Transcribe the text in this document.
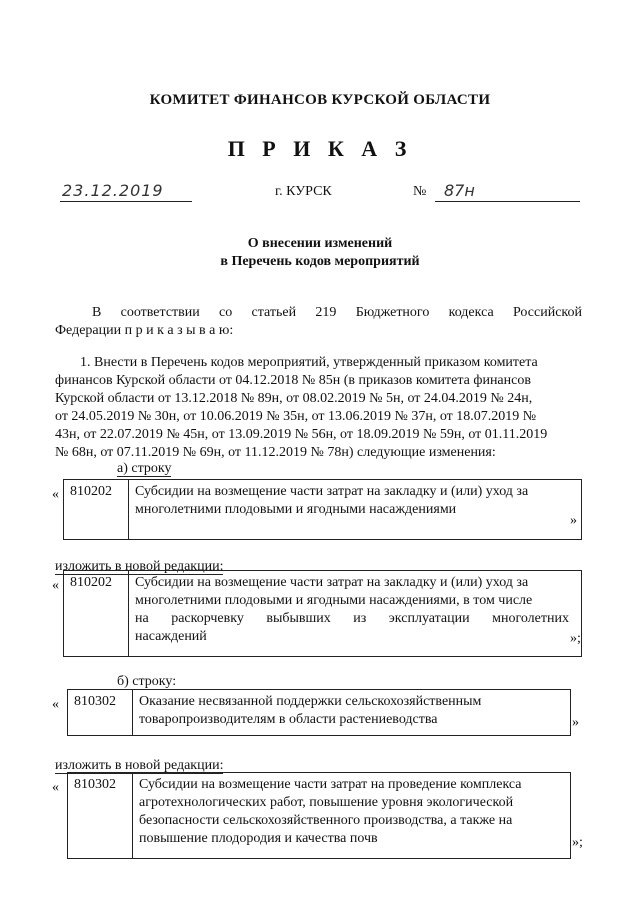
КОМИТЕТ ФИНАНСОВ КУРСКОЙ ОБЛАСТИ
П Р И К А З
23.12.2019	г. КУРСК	№ 87н
О внесении изменений
в Перечень кодов мероприятий
В соответствии со статьей 219 Бюджетного кодекса Российской
Федерации п р и к а з ы в а ю:
1. Внести в Перечень кодов мероприятий, утвержденный приказом комитета
финансов Курской области от 04.12.2018 № 85н (в приказов комитета финансов
Курской области от 13.12.2018 № 89н, от 08.02.2019 № 5н, от 24.04.2019 № 24н,
от 24.05.2019 № 30н, от 10.06.2019 № 35н, от 13.06.2019 № 37н, от 18.07.2019 №
43н, от 22.07.2019 № 45н, от 13.09.2019 № 56н, от 18.09.2019 № 59н, от 01.11.2019
№ 68н, от 07.11.2019 № 69н, от 11.12.2019 № 78н) следующие изменения:
а) строку
« 810202	Субсидии на возмещение части затрат на закладку и (или) уход за
многолетними плодовыми и ягодными насаждениями
»
изложить в новой редакции:
« 810202	Субсидии на возмещение части затрат на закладку и (или) уход за
многолетними плодовыми и ягодными насаждениями, в том числе
на раскорчевку выбывших из эксплуатации многолетних
насаждений	»;
б) строку:
«	810302	Оказание несвязанной поддержки сельскохозяйственным
товаропроизводителям в области растениеводства	»
изложить в новой редакции:
«	810302	Субсидии на возмещение части затрат на проведение комплекса
агротехнологических работ, повышение уровня экологической
безопасности сельскохозяйственного производства, а также на
повышение плодородия и качества почв	»;
